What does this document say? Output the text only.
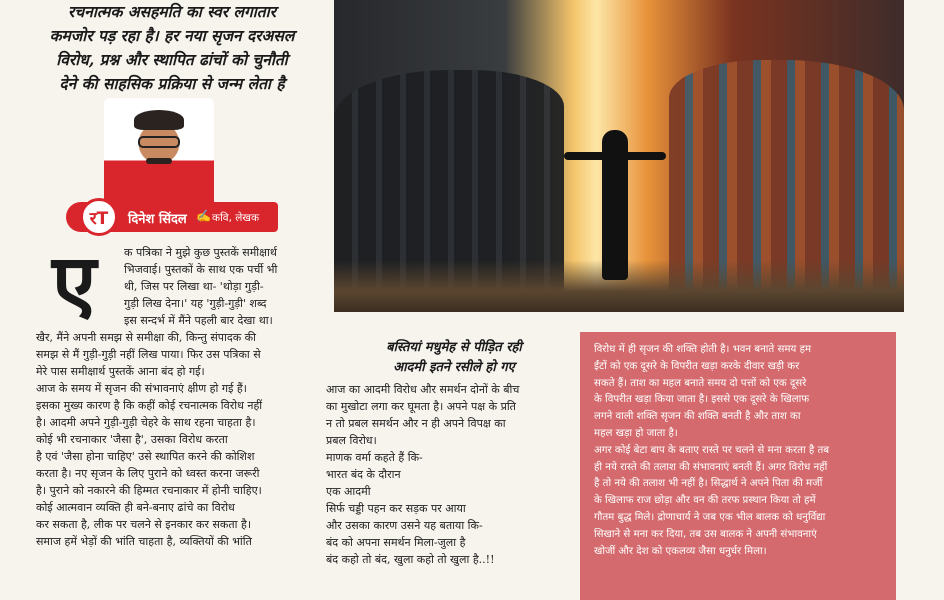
रचनात्मक असहमति का स्वर लगातार
कमजोर पड़ रहा है। हर नया सृजन दरअसल
विरोध, प्रश्न और स्थापित ढांचों को चुनौती
देने की साहसिक प्रक्रिया से जन्म लेता है
रT	दिनेश सिंदल ✍ कवि, लेखक
ए	क पत्रिका ने मुझे कुछ पुस्तकें समीक्षार्थ
भिजवाई। पुस्तकों के साथ एक पर्ची भी
थी, जिस पर लिखा था- 'थोड़ा गुड़ी-
गुड़ी लिख देना।' यह 'गुड़ी-गुड़ी' शब्द
इस सन्दर्भ में मैंने पहली बार देखा था।
खैर, मैंने अपनी समझ से समीक्षा की, किन्तु संपादक की
समझ से मैं गुड़ी-गुड़ी नहीं लिख पाया। फिर उस पत्रिका से
मेरे पास समीक्षार्थ पुस्तकें आना बंद हो गई।
आज के समय में सृजन की संभावनाएं क्षीण हो गई हैं।
इसका मुख्य कारण है कि कहीं कोई रचनात्मक विरोध नहीं
है। आदमी अपने गुड़ी-गुड़ी चेहरे के साथ रहना चाहता है।
कोई भी रचनाकार 'जैसा है', उसका विरोध करता
है एवं 'जैसा होना चाहिए' उसे स्थापित करने की कोशिश
करता है। नए सृजन के लिए पुराने को ध्वस्त करना जरूरी
है। पुराने को नकारने की हिम्मत रचनाकार में होनी चाहिए।
कोई आत्मवान व्यक्ति ही बने-बनाए ढांचे का विरोध
कर सकता है, लीक पर चलने से इनकार कर सकता है।
समाज हमें भेड़ों की भांति चाहता है, व्यक्तियों की भांति
बस्तियां मधुमेह से पीड़ित रही
आदमी इतने रसीले हो गए
आज का आदमी विरोध और समर्थन दोनों के बीच
का मुखोटा लगा कर घूमता है। अपने पक्ष के प्रति
न तो प्रबल समर्थन और न ही अपने विपक्ष का
प्रबल विरोध।
माणक वर्मा कहते हैं कि-
भारत बंद के दौरान
एक आदमी
सिर्फ चड्डी पहन कर सड़क पर आया
और उसका कारण उसने यह बताया कि-
बंद को अपना समर्थन मिला-जुला है
बंद कहो तो बंद, खुला कहो तो खुला है..!!
विरोध में ही सृजन की शक्ति होती है। भवन बनाते समय हम
ईंटों को एक दूसरे के विपरीत खड़ा करके दीवार खड़ी कर
सकते हैं। ताश का महल बनाते समय दो पत्तों को एक दूसरे
के विपरीत खड़ा किया जाता है। इससे एक दूसरे के खिलाफ
लगने वाली शक्ति सृजन की शक्ति बनती है और ताश का
महल खड़ा हो जाता है।
अगर कोई बेटा बाप के बताए रास्ते पर चलने से मना करता है तब
ही नये रास्ते की तलाश की संभावनाएं बनती हैं। अगर विरोध नहीं
है तो नये की तलाश भी नहीं है। सिद्धार्थ ने अपने पिता की मर्जी
के खिलाफ राज छोड़ा और वन की तरफ प्रस्थान किया तो हमें
गौतम बुद्ध मिले। द्रोणाचार्य ने जब एक भील बालक को धनुर्विद्या
सिखाने से मना कर दिया, तब उस बालक ने अपनी संभावनाएं
खोजीं और देश को एकलव्य जैसा धनुर्धर मिला।
